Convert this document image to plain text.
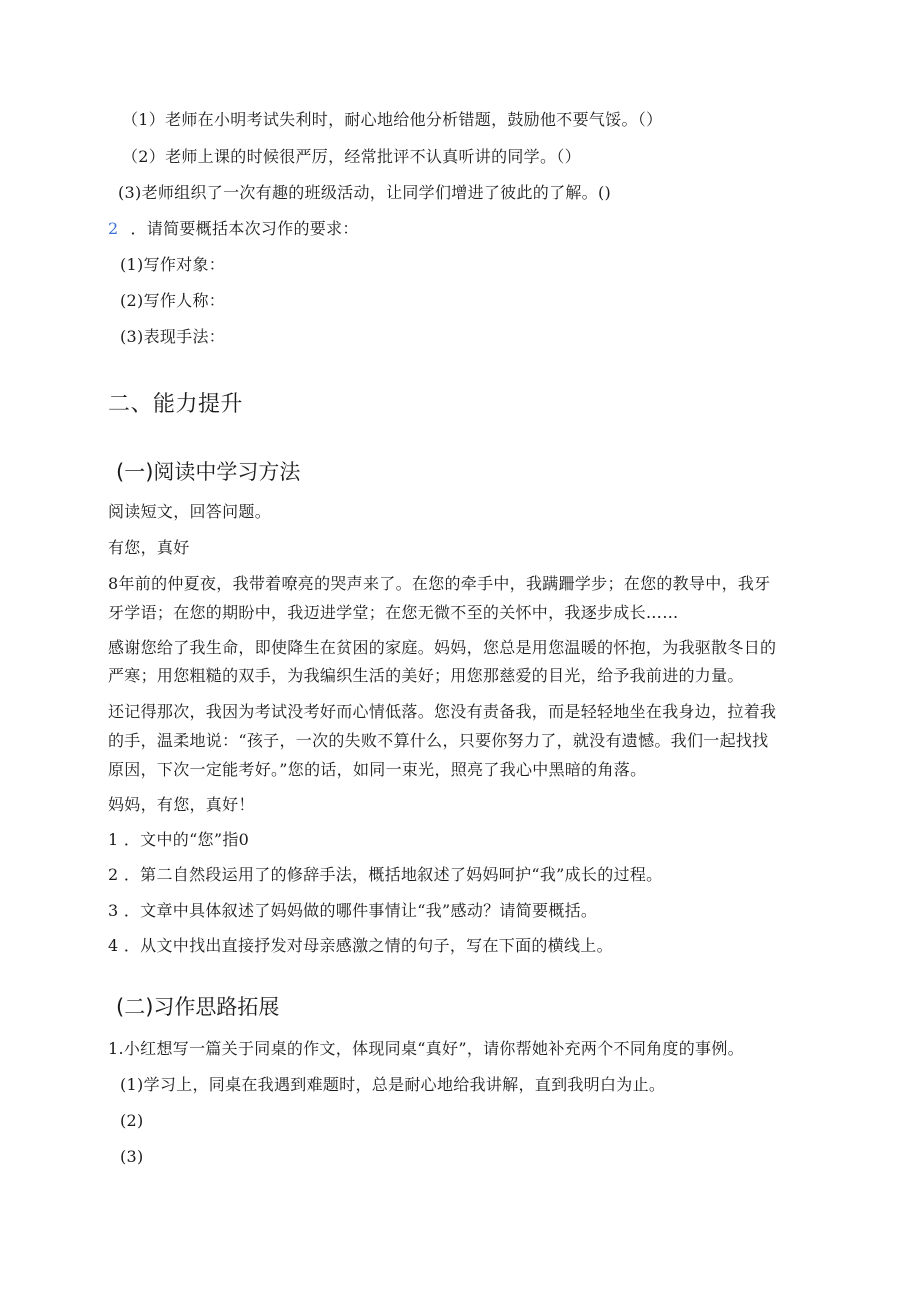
（1）老师在小明考试失利时，耐心地给他分析错题，鼓励他不要气馁。（）
（2）老师上课的时候很严厉，经常批评不认真听讲的同学。（）
(3)老师组织了一次有趣的班级活动，让同学们增进了彼此的了解。()
2 ．请简要概括本次习作的要求：
(1)写作对象：
(2)写作人称：
(3)表现手法：
二、能力提升
(一)阅读中学习方法
阅读短文，回答问题。
有您，真好
8年前的仲夏夜，我带着嘹亮的哭声来了。在您的牵手中，我蹒跚学步；在您的教导中，我牙
牙学语；在您的期盼中，我迈进学堂；在您无微不至的关怀中，我逐步成长……
感谢您给了我生命，即使降生在贫困的家庭。妈妈，您总是用您温暖的怀抱，为我驱散冬日的
严寒；用您粗糙的双手，为我编织生活的美好；用您那慈爱的目光，给予我前进的力量。
还记得那次，我因为考试没考好而心情低落。您没有责备我，而是轻轻地坐在我身边，拉着我
的手，温柔地说：“孩子，一次的失败不算什么，只要你努力了，就没有遗憾。我们一起找找
原因，下次一定能考好。”您的话，如同一束光，照亮了我心中黑暗的角落。
妈妈，有您，真好！
1 ．文中的“您”指0
2 ．第二自然段运用了的修辞手法，概括地叙述了妈妈呵护“我”成长的过程。
3 ．文章中具体叙述了妈妈做的哪件事情让“我”感动？请简要概括。
4 ．从文中找出直接抒发对母亲感激之情的句子，写在下面的横线上。
(二)习作思路拓展
1.小红想写一篇关于同桌的作文，体现同桌“真好”，请你帮她补充两个不同角度的事例。
(1)学习上，同桌在我遇到难题时，总是耐心地给我讲解，直到我明白为止。
(2)
(3)
